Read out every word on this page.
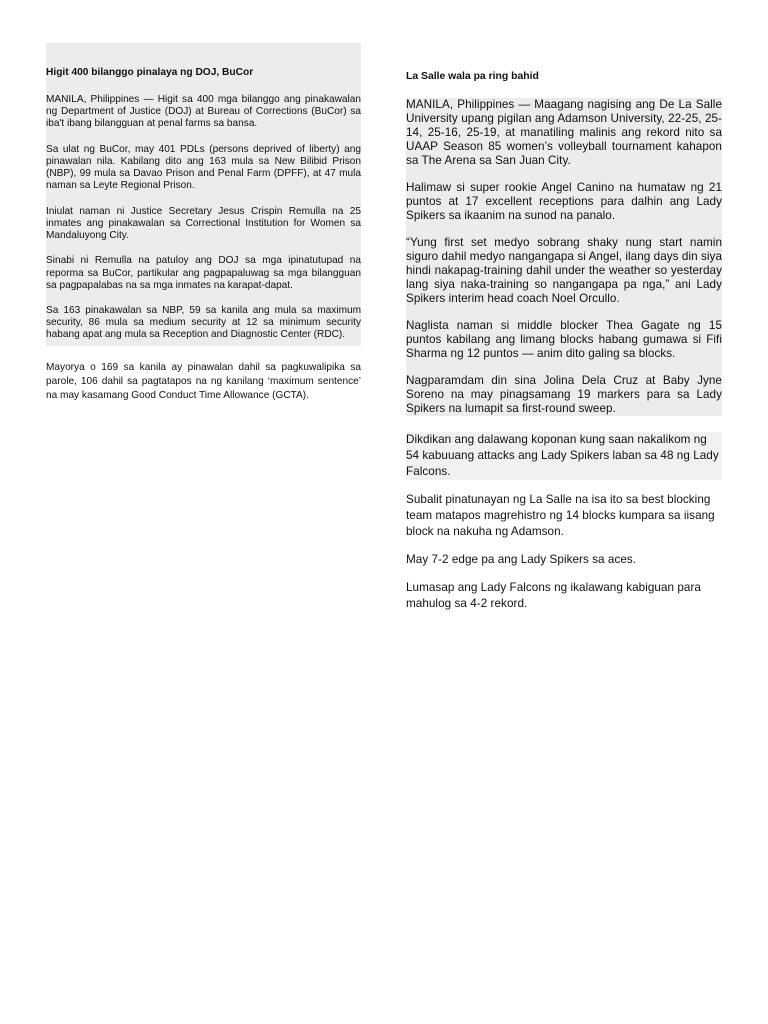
Higit 400 bilanggo pinalaya ng DOJ, BuCor

MANILA, Philippines — Higit sa 400 mga bilanggo ang pinakawalan ng Department of Justice (DOJ) at Bureau of Corrections (BuCor) sa iba't ibang bilangguan at penal farms sa bansa.

Sa ulat ng BuCor, may 401 PDLs (persons deprived of liberty) ang pinawalan nila. Kabilang dito ang 163 mula sa New Bilibid Prison (NBP), 99 mula sa Davao Prison and Penal Farm (DPFF), at 47 mula naman sa Leyte Regional Prison.

Iniulat naman ni Justice Secretary Jesus Crispin Remulla na 25 inmates ang pinakawalan sa Correctional Institution for Women sa Mandaluyong City.

Sinabi ni Remulla na patuloy ang DOJ sa mga ipinatutupad na reporma sa BuCor, partikular ang pagpapaluwag sa mga bilangguan sa pagpapalabas na sa mga inmates na karapat-dapat.

Sa 163 pinakawalan sa NBP, 59 sa kanila ang mula sa maximum security, 86 mula sa medium security at 12 sa minimum security habang apat ang mula sa Reception and Diagnostic Center (RDC).

Mayorya o 169 sa kanila ay pinawalan dahil sa pagkuwalipika sa parole, 106 dahil sa pagtatapos na ng kanilang ‘maximum sentence’ na may kasamang Good Conduct Time Allowance (GCTA).

La Salle wala pa ring bahid

MANILA, Philippines — Maagang nagising ang De La Salle University upang pigilan ang Adamson University, 22-25, 25-14, 25-16, 25-19, at manatiling malinis ang rekord nito sa UAAP Season 85 women’s volleyball tournament kahapon sa The Arena sa San Juan City.

Halimaw si super rookie Angel Canino na humataw ng 21 puntos at 17 excellent receptions para dalhin ang Lady Spikers sa ikaanim na sunod na panalo.

“Yung first set medyo sobrang shaky nung start namin siguro dahil medyo nangangapa si Angel, ilang days din siya hindi nakapag-training dahil under the weather so yesterday lang siya naka-training so nangangapa pa nga,” ani Lady Spikers interim head coach Noel Orcullo.

Naglista naman si middle blocker Thea Gagate ng 15 puntos kabilang ang limang blocks habang gumawa si Fifi Sharma ng 12 puntos — anim dito galing sa blocks.

Nagparamdam din sina Jolina Dela Cruz at Baby Jyne Soreno na may pinagsamang 19 markers para sa Lady Spikers na lumapit sa first-round sweep.

Dikdikan ang dalawang koponan kung saan nakalikom ng 54 kabuuang attacks ang Lady Spikers laban sa 48 ng Lady Falcons.

Subalit pinatunayan ng La Salle na isa ito sa best blocking team matapos magrehistro ng 14 blocks kumpara sa iisang block na nakuha ng Adamson.

May 7-2 edge pa ang Lady Spikers sa aces.

Lumasap ang Lady Falcons ng ikalawang kabiguan para mahulog sa 4-2 rekord.
